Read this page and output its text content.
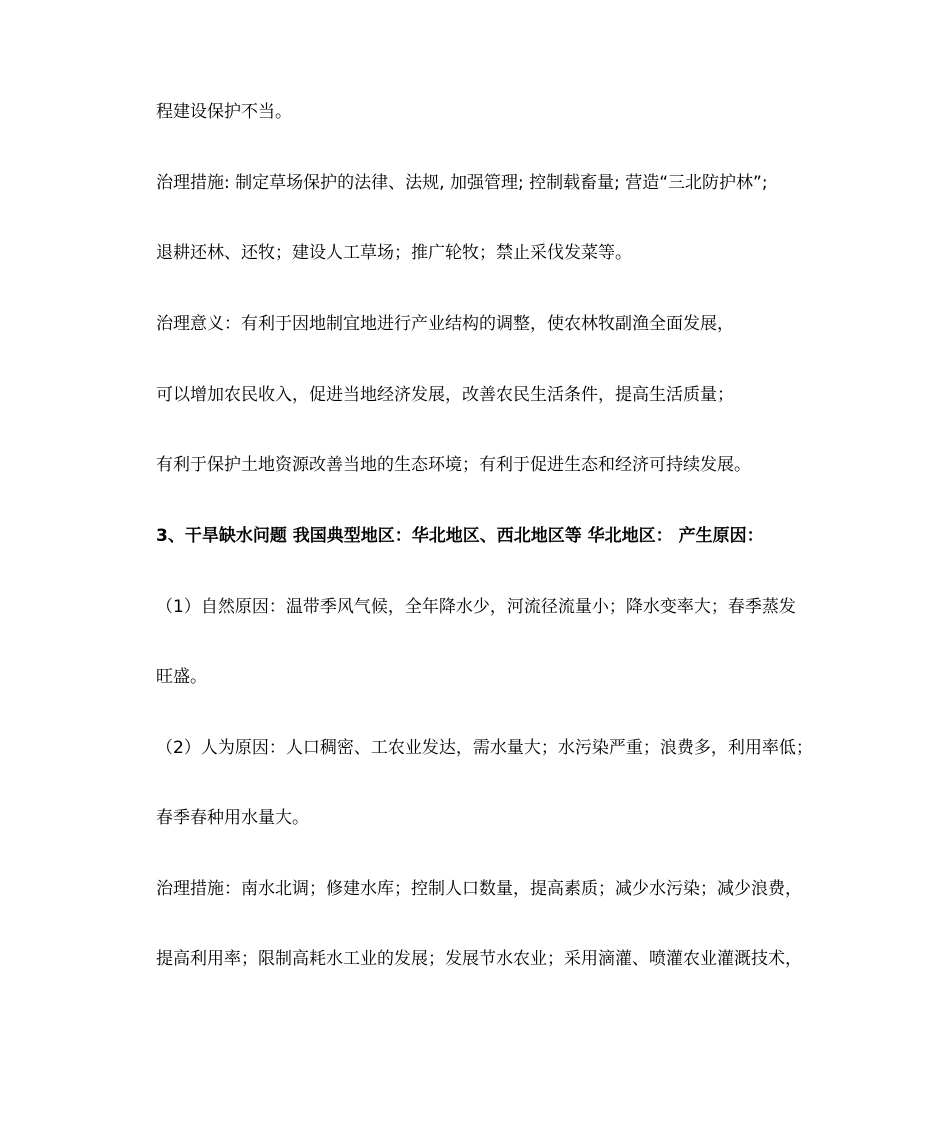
程建设保护不当。
治理措施: 制定草场保护的法律、法规, 加强管理; 控制载畜量; 营造“三北防护林”;
退耕还林、还牧；建设人工草场；推广轮牧；禁止采伐发菜等。
治理意义：有利于因地制宜地进行产业结构的调整，使农林牧副渔全面发展，
可以增加农民收入，促进当地经济发展，改善农民生活条件，提高生活质量；
有利于保护土地资源改善当地的生态环境；有利于促进生态和经济可持续发展。
3、干旱缺水问题 我国典型地区：华北地区、西北地区等 华北地区： 产生原因：
（1）自然原因：温带季风气候，全年降水少，河流径流量小；降水变率大；春季蒸发
旺盛。
（2）人为原因：人口稠密、工农业发达，需水量大；水污染严重；浪费多，利用率低；
春季春种用水量大。
治理措施：南水北调；修建水库；控制人口数量，提高素质；减少水污染；减少浪费，
提高利用率；限制高耗水工业的发展；发展节水农业；采用滴灌、喷灌农业灌溉技术，
